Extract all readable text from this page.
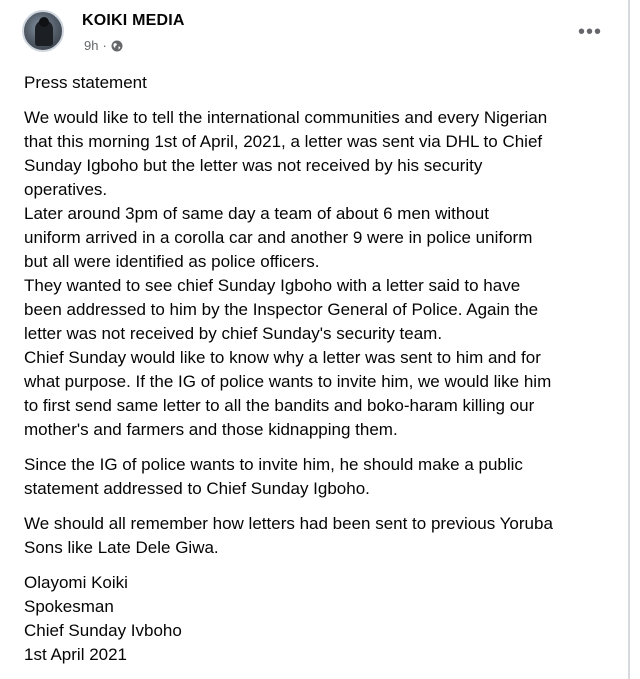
KOIKI MEDIA
9h ·
•••

Press statement

We would like to tell the international communities and every Nigerian
that this morning 1st of April, 2021, a letter was sent via DHL to Chief
Sunday Igboho but the letter was not received by his security
operatives.
Later around 3pm of same day a team of about 6 men without
uniform arrived in a corolla car and another 9 were in police uniform
but all were identified as police officers.
They wanted to see chief Sunday Igboho with a letter said to have
been addressed to him by the Inspector General of Police. Again the
letter was not received by chief Sunday's security team.
Chief Sunday would like to know why a letter was sent to him and for
what purpose. If the IG of police wants to invite him, we would like him
to first send same letter to all the bandits and boko-haram killing our
mother's and farmers and those kidnapping them.
Since the IG of police wants to invite him, he should make a public
statement addressed to Chief Sunday Igboho.
We should all remember how letters had been sent to previous Yoruba
Sons like Late Dele Giwa.
Olayomi Koiki
Spokesman
Chief Sunday Ivboho
1st April 2021
